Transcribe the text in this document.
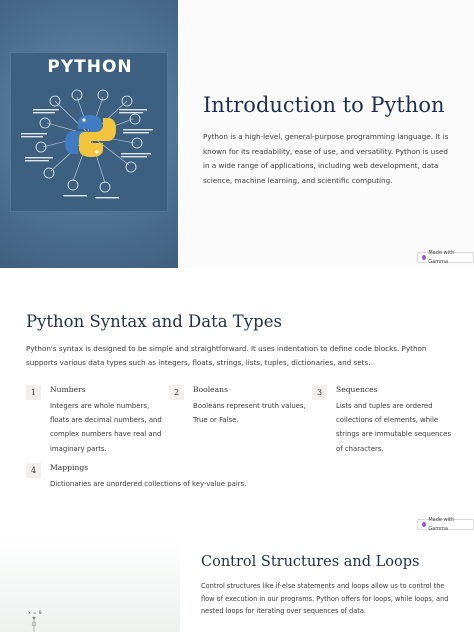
PYTHON
Introduction to Python

Python is a high-level, general-purpose programming language. It is known for its readability, ease of use, and versatility. Python is used in a wide range of applications, including web development, data science, machine learning, and scientific computing.

Made with Gamma
Python Syntax and Data Types

Python's syntax is designed to be simple and straightforward. It uses indentation to define code blocks. Python supports various data types such as integers, floats, strings, lists, tuples, dictionaries, and sets.

1	Numbers
Integers are whole numbers, floats are decimal numbers, and complex numbers have real and imaginary parts.
2	Booleans
Booleans represent truth values, True or False.
3	Sequences
Lists and tuples are ordered collections of elements, while strings are immutable sequences of characters.
4	Mappings
Dictionaries are unordered collections of key-value pairs.
Made with Gamma
x = 0
Control Structures and Loops

Control structures like if-else statements and loops allow us to control the flow of execution in our programs. Python offers for loops, while loops, and nested loops for iterating over sequences of data.
